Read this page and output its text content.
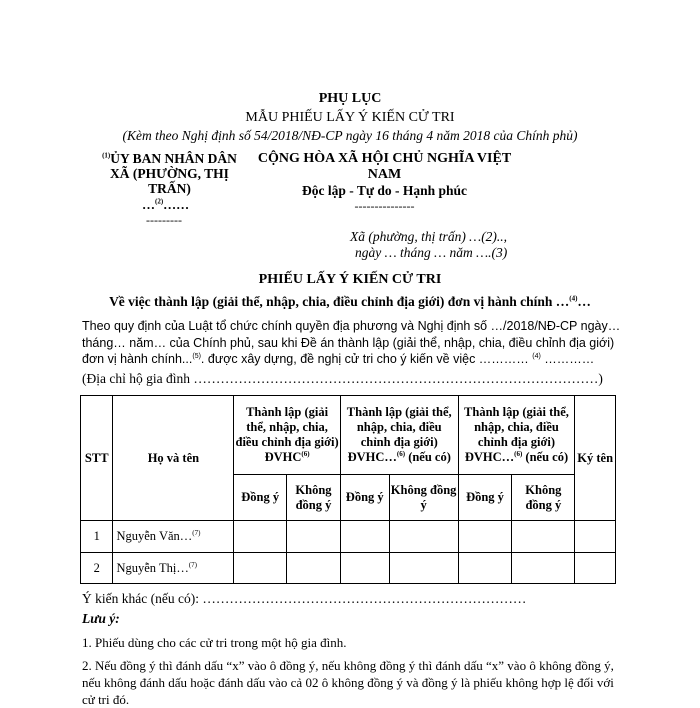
PHỤ LỤC
MẪU PHIẾU LẤY Ý KIẾN CỬ TRI
(Kèm theo Nghị định số 54/2018/NĐ-CP ngày 16 tháng 4 năm 2018 của Chính phủ)
$^{(1)}$ỦY BAN NHÂN DÂN XÃ (PHƯỜNG, THỊ TRẤN)
…$^{(2)}$……
---------
CỘNG HÒA XÃ HỘI CHỦ NGHĨA VIỆT NAM
Độc lập - Tự do - Hạnh phúc
---------------
Xã (phường, thị trấn) …(2)..,
ngày … tháng … năm ….(3)
PHIẾU LẤY Ý KIẾN CỬ TRI
Về việc thành lập (giải thể, nhập, chia, điều chỉnh địa giới) đơn vị hành chính …$^{(4)}$…
Theo quy định của Luật tổ chức chính quyền địa phương và Nghị định số …/2018/NĐ-CP ngày… tháng… năm… của Chính phủ, sau khi Đề án thành lập (giải thể, nhập, chia, điều chỉnh địa giới) đơn vị hành chính...$^{(5)}$. được xây dựng, đề nghị cử tri cho ý kiến về việc ………… $^{(4)}$ …………
(Địa chỉ hộ gia đình ………………………………………………………………………………)
STT	Họ và tên	Thành lập (giải thể, nhập, chia, điều chỉnh địa giới) ĐVHC$^{(6)}$		Thành lập (giải thể, nhập, chia, điều chỉnh địa giới) ĐVHC…$^{(6)}$ (nếu có)		Thành lập (giải thể, nhập, chia, điều chỉnh địa giới) ĐVHC…$^{(6)}$ (nếu có)		Ký tên
		Đồng ý	Không đồng ý	Đồng ý	Không đồng ý	Đồng ý	Không đồng ý	
1	Nguyễn Văn…$^{(7)}$							
2	Nguyễn Thị…$^{(7)}$							
Ý kiến khác (nếu có): ………………………………………………………………
Lưu ý:
1. Phiếu dùng cho các cử tri trong một hộ gia đình.
2. Nếu đồng ý thì đánh dấu “x” vào ô đồng ý, nếu không đồng ý thì đánh dấu “x” vào ô không đồng ý, nếu không đánh dấu hoặc đánh dấu vào cả 02 ô không đồng ý và đồng ý là phiếu không hợp lệ đối với cử tri đó.
